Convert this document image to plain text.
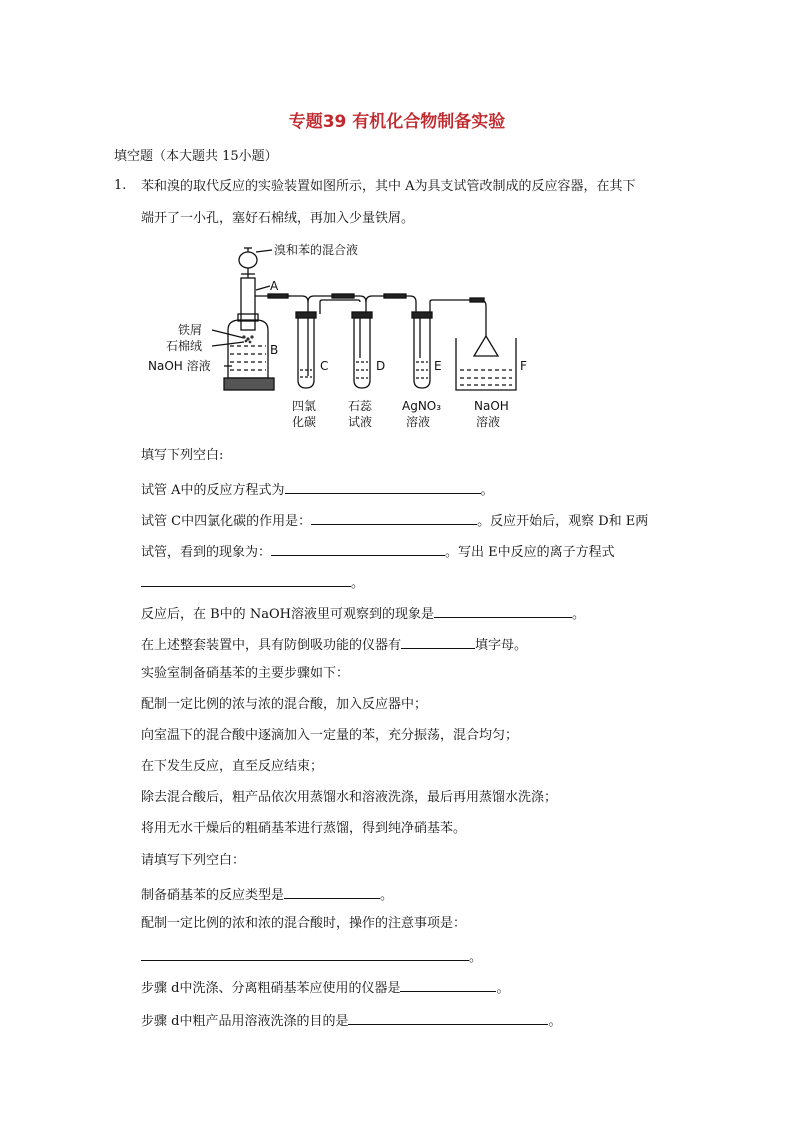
专题39 有机化合物制备实验
填空题（本大题共 15小题）
1. 苯和溴的取代反应的实验装置如图所示，其中 A为具支试管改制成的反应容器，在其下
端开了一小孔，塞好石棉绒，再加入少量铁屑。
溴和苯的混合液
A
铁屑
石棉绒
NaOH 溶液
B
C	D	E	F
四氯
化碳
石蕊
试液
AgNO₃
溶液
NaOH
溶液
填写下列空白:
试管 A中的反应方程式为	。
试管 C中四氯化碳的作用是：	。反应开始后，观察 D和 E两
试管，看到的现象为：	。写出 E中反应的离子方程式
。
反应后，在 B中的 NaOH溶液里可观察到的现象是	。
在上述整套装置中，具有防倒吸功能的仪器有	填字母。
实验室制备硝基苯的主要步骤如下：
配制一定比例的浓与浓的混合酸，加入反应器中；
向室温下的混合酸中逐滴加入一定量的苯，充分振荡，混合均匀；
在下发生反应，直至反应结束；
除去混合酸后，粗产品依次用蒸馏水和溶液洗涤，最后再用蒸馏水洗涤；
将用无水干燥后的粗硝基苯进行蒸馏，得到纯净硝基苯。
请填写下列空白：
制备硝基苯的反应类型是	。
配制一定比例的浓和浓的混合酸时，操作的注意事项是：
。
步骤 d中洗涤、分离粗硝基苯应使用的仪器是	。
步骤 d中粗产品用溶液洗涤的目的是	。
